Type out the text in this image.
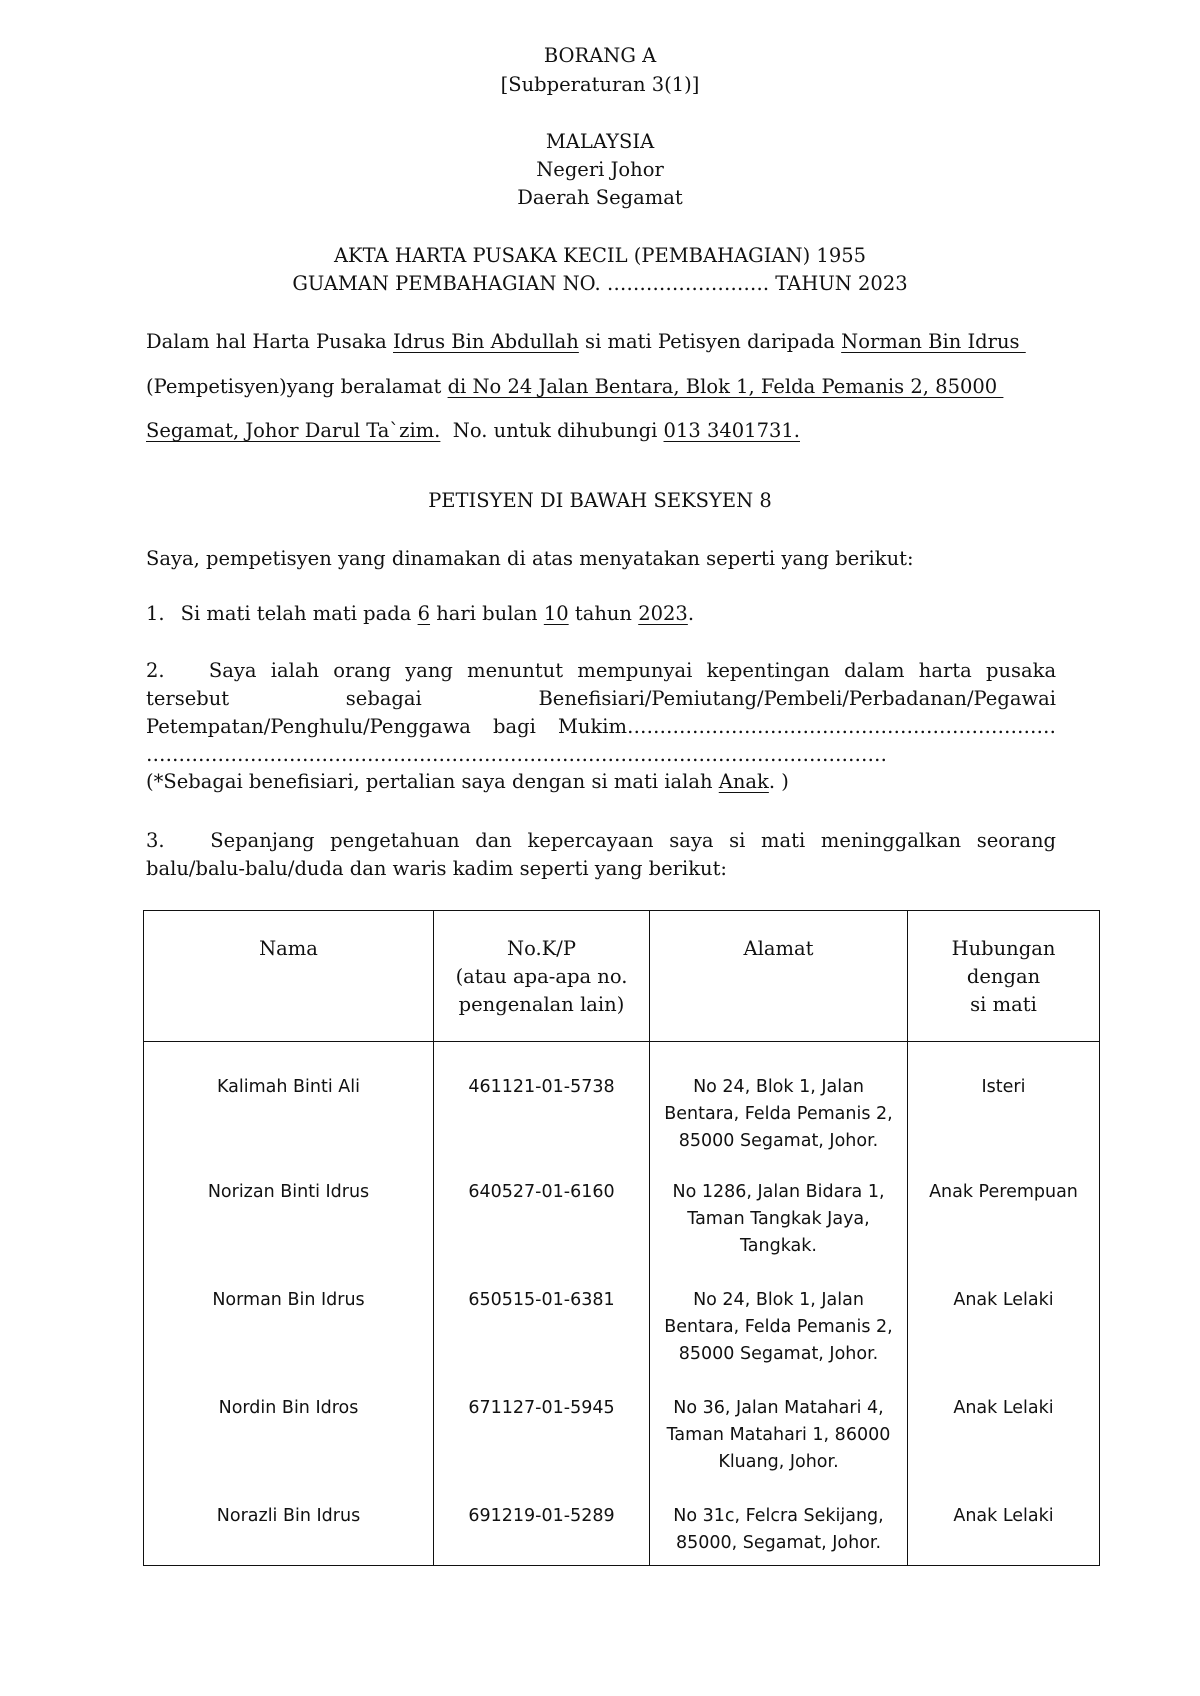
BORANG A
[Subperaturan 3(1)]
MALAYSIA
Negeri Johor
Daerah Segamat
AKTA HARTA PUSAKA KECIL (PEMBAHAGIAN) 1955
GUAMAN PEMBAHAGIAN NO. ……………………. TAHUN 2023
Dalam hal Harta Pusaka Idrus Bin Abdullah si mati Petisyen daripada Norman Bin Idrus
(Pempetisyen)yang beralamat di No 24 Jalan Bentara, Blok 1, Felda Pemanis 2, 85000
Segamat, Johor Darul Ta`zim.  No. untuk dihubungi 013 3401731.
PETISYEN DI BAWAH SEKSYEN 8
Saya, pempetisyen yang dinamakan di atas menyatakan seperti yang berikut:
1. Si mati telah mati pada 6 hari bulan 10 tahun 2023.
2. Saya ialah orang yang menuntut mempunyai kepentingan dalam harta pusaka
tersebut	sebagai	Benefisiari/Pemiutang/Pembeli/Perbadanan/Pegawai
Petempatan/Penghulu/Penggawa bagi Mukim…………………………………………………………
……………………………………………………………………………………………………
(*Sebagai benefisiari, pertalian saya dengan si mati ialah Anak. )
3. Sepanjang pengetahuan dan kepercayaan saya si mati meninggalkan seorang
balu/balu-balu/duda dan waris kadim seperti yang berikut:
Nama	No.K/P
(atau apa-apa no.
pengenalan lain)	Alamat	Hubungan
dengan
si mati
Kalimah Binti Ali	461121-01-5738	No 24, Blok 1, Jalan
Bentara, Felda Pemanis 2,
85000 Segamat, Johor.	Isteri
Norizan Binti Idrus	640527-01-6160	No 1286, Jalan Bidara 1,
Taman Tangkak Jaya,
Tangkak.	Anak Perempuan
Norman Bin Idrus	650515-01-6381	No 24, Blok 1, Jalan
Bentara, Felda Pemanis 2,
85000 Segamat, Johor.	Anak Lelaki
Nordin Bin Idros	671127-01-5945	No 36, Jalan Matahari 4,
Taman Matahari 1, 86000
Kluang, Johor.	Anak Lelaki
Norazli Bin Idrus	691219-01-5289	No 31c, Felcra Sekijang,
85000, Segamat, Johor.	Anak Lelaki
